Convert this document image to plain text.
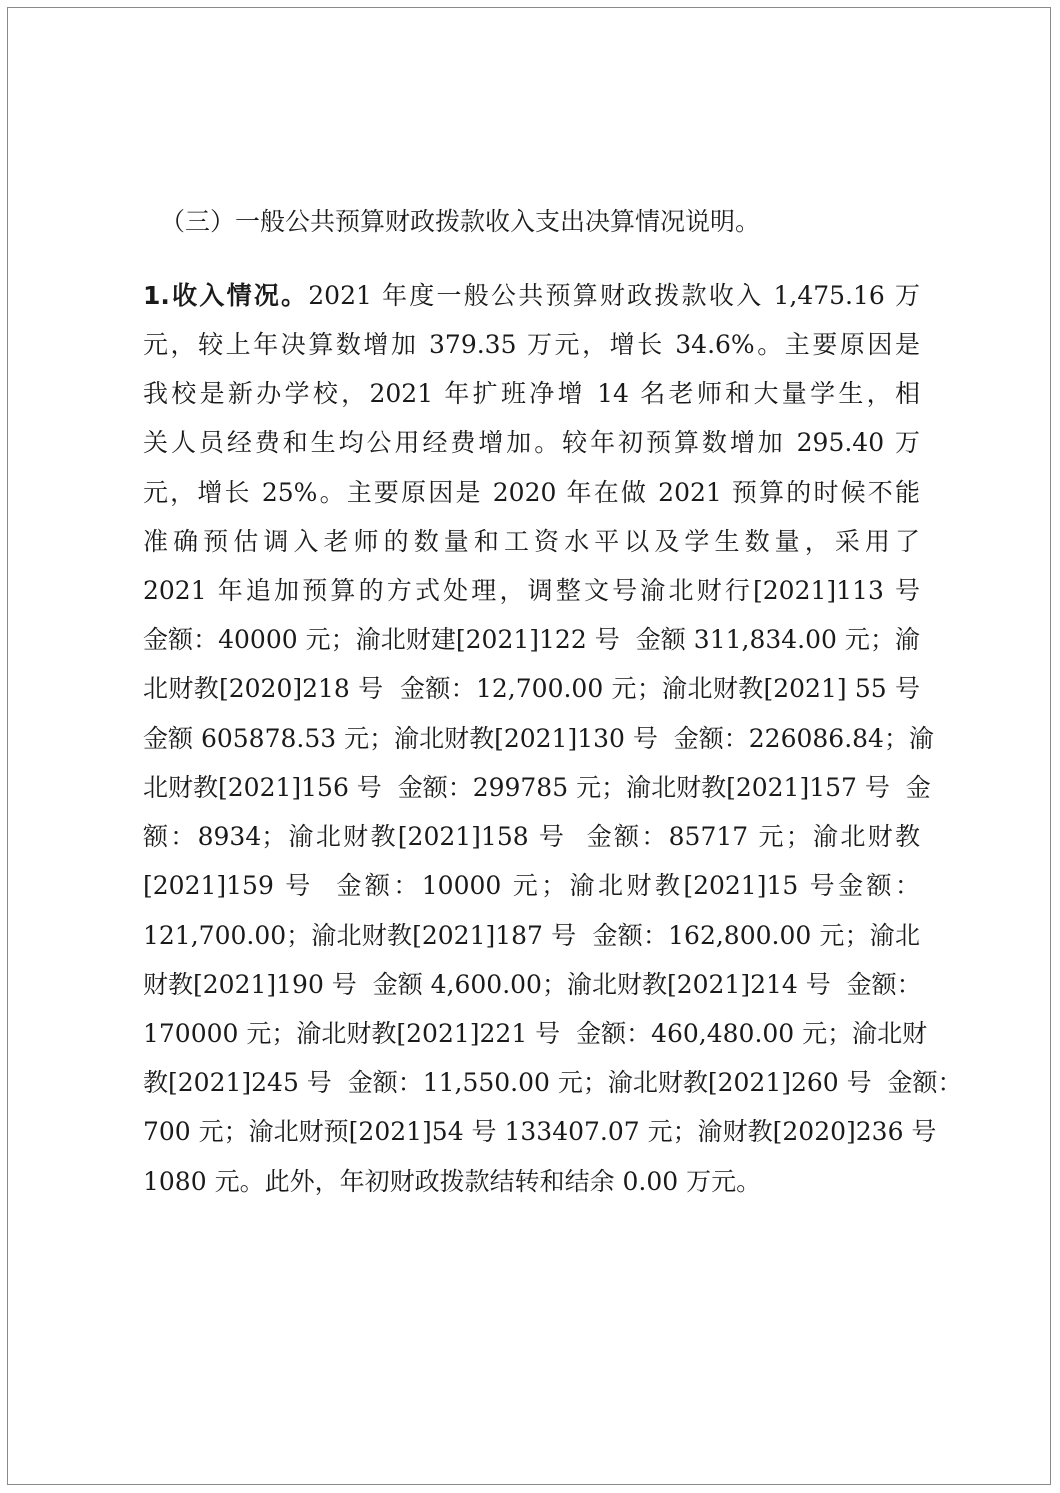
（三）一般公共预算财政拨款收入支出决算情况说明。
1.收入情况。2021 年度一般公共预算财政拨款收入 1,475.16 万
元，较上年决算数增加 379.35 万元，增长 34.6%。主要原因是
我校是新办学校，2021 年扩班净增 14 名老师和大量学生，相
关人员经费和生均公用经费增加。较年初预算数增加 295.40 万
元，增长 25%。主要原因是 2020 年在做 2021 预算的时候不能
准确预估调入老师的数量和工资水平以及学生数量，采用了
2021 年追加预算的方式处理，调整文号渝北财行[2021]113 号
金额：40000 元；渝北财建[2021]122 号  金额 311,834.00 元；渝
北财教[2020]218 号  金额：12,700.00 元；渝北财教[2021] 55 号
金额 605878.53 元；渝北财教[2021]130 号  金额：226086.84；渝
北财教[2021]156 号  金额：299785 元；渝北财教[2021]157 号  金
额：8934；渝北财教[2021]158 号  金额：85717 元；渝北财教
[2021]159 号  金额：10000 元；渝北财教[2021]15 号金额：
121,700.00；渝北财教[2021]187 号  金额：162,800.00 元；渝北
财教[2021]190 号  金额 4,600.00；渝北财教[2021]214 号  金额：
170000 元；渝北财教[2021]221 号  金额：460,480.00 元；渝北财
教[2021]245 号  金额：11,550.00 元；渝北财教[2021]260 号  金额：
700 元；渝北财预[2021]54 号 133407.07 元；渝财教[2020]236 号
1080 元。此外，年初财政拨款结转和结余 0.00 万元。
